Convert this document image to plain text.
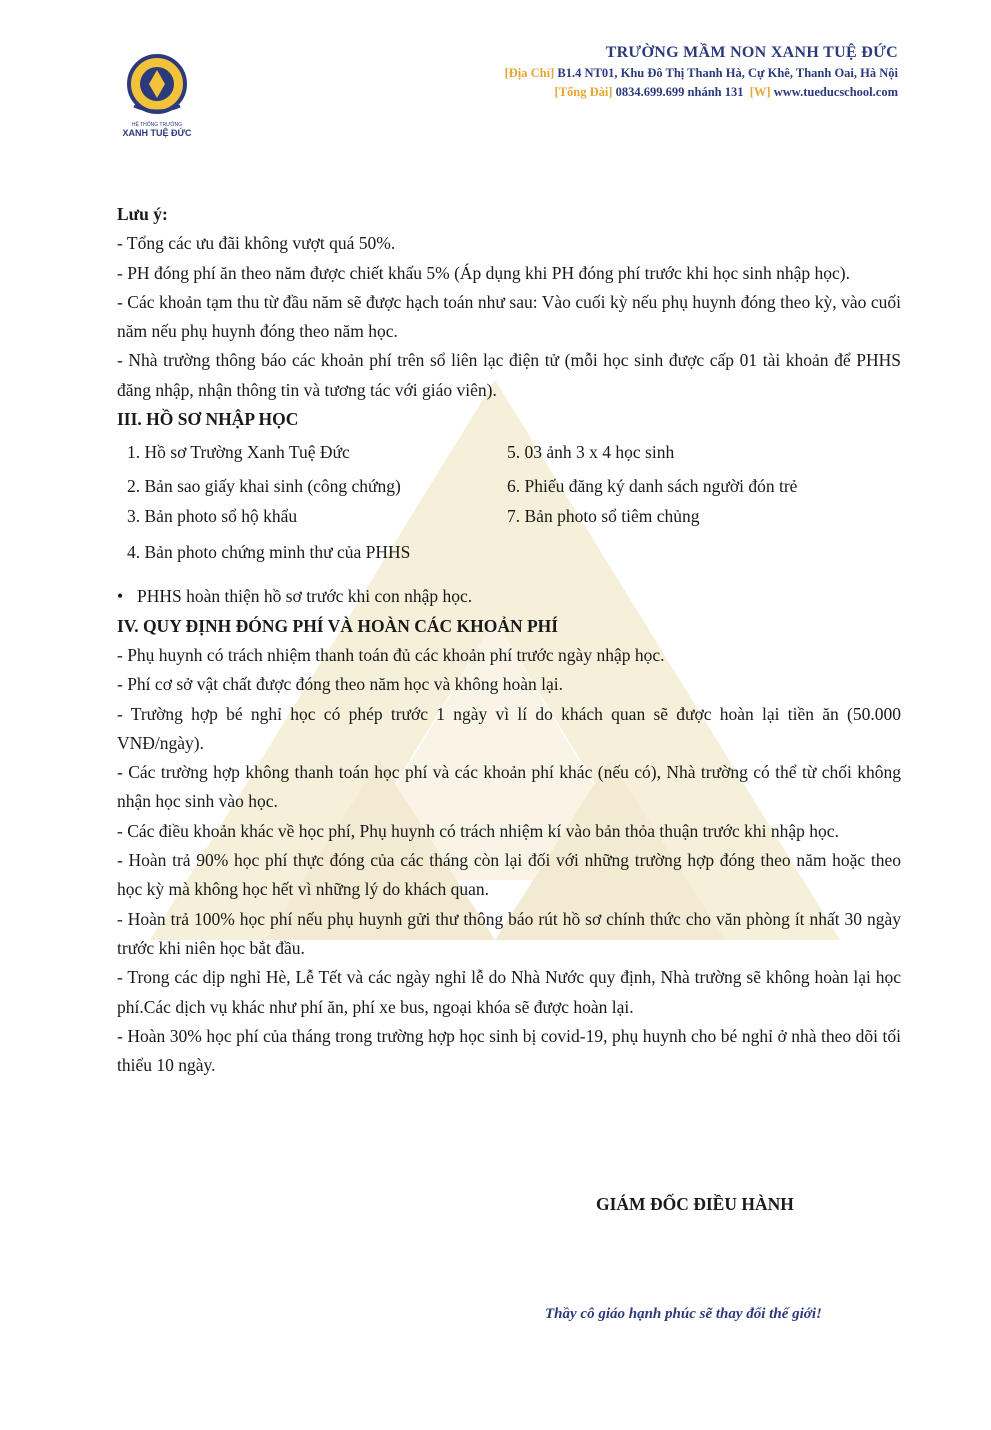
HỆ THỐNG TRƯỜNG
XANH TUỆ ĐỨC
TRƯỜNG MẦM NON XANH TUỆ ĐỨC
[Địa Chỉ] B1.4 NT01, Khu Đô Thị Thanh Hà, Cự Khê, Thanh Oai, Hà Nội
[Tổng Đài] 0834.699.699 nhánh 131 [W] www.tueducschool.com

Lưu ý:

- Tổng các ưu đãi không vượt quá 50%.

- PH đóng phí ăn theo năm được chiết khấu 5% (Áp dụng khi PH đóng phí trước khi học sinh nhập học).

- Các khoản tạm thu từ đầu năm sẽ được hạch toán như sau: Vào cuối kỳ nếu phụ huynh đóng theo kỳ, vào cuối năm nếu phụ huynh đóng theo năm học.

- Nhà trường thông báo các khoản phí trên sổ liên lạc điện tử (mỗi học sinh được cấp 01 tài khoản để PHHS đăng nhập, nhận thông tin và tương tác với giáo viên).

III. HỒ SƠ NHẬP HỌC

1. Hồ sơ Trường Xanh Tuệ Đức
2. Bản sao giấy khai sinh (công chứng)
3. Bản photo sổ hộ khẩu
4. Bản photo chứng minh thư của PHHS
5. 03 ảnh 3 x 4 học sinh
6. Phiếu đăng ký danh sách người đón trẻ
7. Bản photo sổ tiêm chủng

• PHHS hoàn thiện hồ sơ trước khi con nhập học.

IV. QUY ĐỊNH ĐÓNG PHÍ VÀ HOÀN CÁC KHOẢN PHÍ

- Phụ huynh có trách nhiệm thanh toán đủ các khoản phí trước ngày nhập học.

- Phí cơ sở vật chất được đóng theo năm học và không hoàn lại.

- Trường hợp bé nghỉ học có phép trước 1 ngày vì lí do khách quan sẽ được hoàn lại tiền ăn (50.000 VNĐ/ngày).

- Các trường hợp không thanh toán học phí và các khoản phí khác (nếu có), Nhà trường có thể từ chối không nhận học sinh vào học.

- Các điều khoản khác về học phí, Phụ huynh có trách nhiệm kí vào bản thỏa thuận trước khi nhập học.

- Hoàn trả 90% học phí thực đóng của các tháng còn lại đối với những trường hợp đóng theo năm hoặc theo học kỳ mà không học hết vì những lý do khách quan.

- Hoàn trả 100% học phí nếu phụ huynh gửi thư thông báo rút hồ sơ chính thức cho văn phòng ít nhất 30 ngày trước khi niên học bắt đầu.

- Trong các dịp nghỉ Hè, Lễ Tết và các ngày nghỉ lễ do Nhà Nước quy định, Nhà trường sẽ không hoàn lại học phí.Các dịch vụ khác như phí ăn, phí xe bus, ngoại khóa sẽ được hoàn lại.

- Hoàn 30% học phí của tháng trong trường hợp học sinh bị covid-19, phụ huynh cho bé nghỉ ở nhà theo dõi tối thiểu 10 ngày.

GIÁM ĐỐC ĐIỀU HÀNH
Thầy cô giáo hạnh phúc sẽ thay đổi thế giới!
